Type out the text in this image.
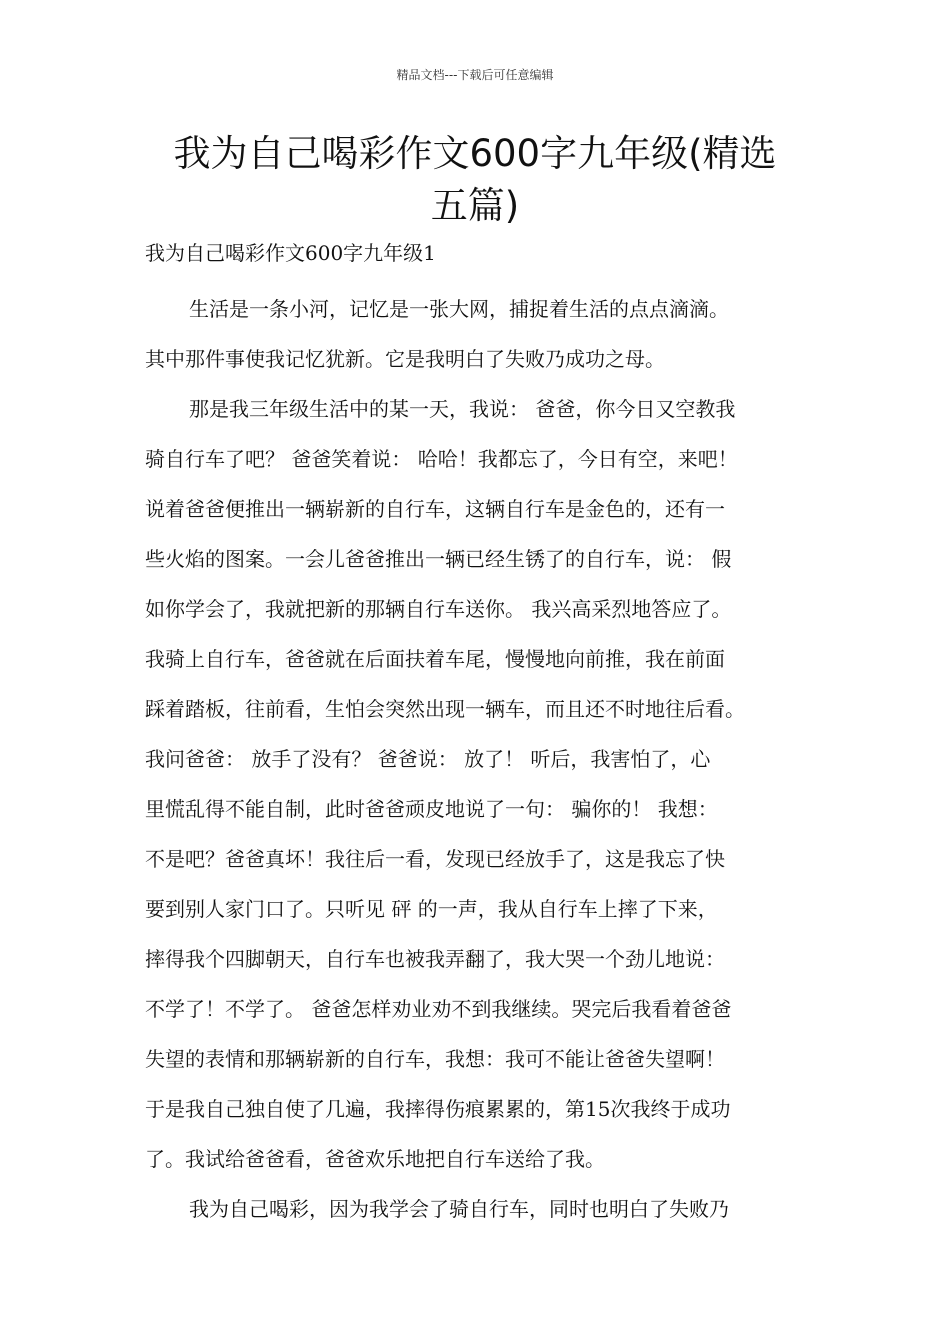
精品文档---下载后可任意编辑
我为自己喝彩作文600字九年级(精选
五篇)

我为自己喝彩作文600字九年级1

生活是一条小河，记忆是一张大网，捕捉着生活的点点滴滴。
其中那件事使我记忆犹新。它是我明白了失败乃成功之母。
那是我三年级生活中的某一天，我说： 爸爸，你今日又空教我
骑自行车了吧？ 爸爸笑着说： 哈哈！我都忘了，今日有空，来吧！
说着爸爸便推出一辆崭新的自行车，这辆自行车是金色的，还有一
些火焰的图案。一会儿爸爸推出一辆已经生锈了的自行车，说： 假
如你学会了，我就把新的那辆自行车送你。 我兴高采烈地答应了。
我骑上自行车，爸爸就在后面扶着车尾，慢慢地向前推，我在前面
踩着踏板，往前看，生怕会突然出现一辆车，而且还不时地往后看。
我问爸爸： 放手了没有？ 爸爸说： 放了！ 听后，我害怕了，心
里慌乱得不能自制，此时爸爸顽皮地说了一句： 骗你的！ 我想：
不是吧？爸爸真坏！我往后一看，发现已经放手了，这是我忘了快
要到别人家门口了。只听见 砰 的一声，我从自行车上摔了下来，
摔得我个四脚朝天，自行车也被我弄翻了，我大哭一个劲儿地说：
不学了！不学了。 爸爸怎样劝业劝不到我继续。哭完后我看着爸爸
失望的表情和那辆崭新的自行车，我想：我可不能让爸爸失望啊！
于是我自己独自使了几遍，我摔得伤痕累累的，第15次我终于成功
了。我试给爸爸看，爸爸欢乐地把自行车送给了我。
我为自己喝彩，因为我学会了骑自行车，同时也明白了失败乃
